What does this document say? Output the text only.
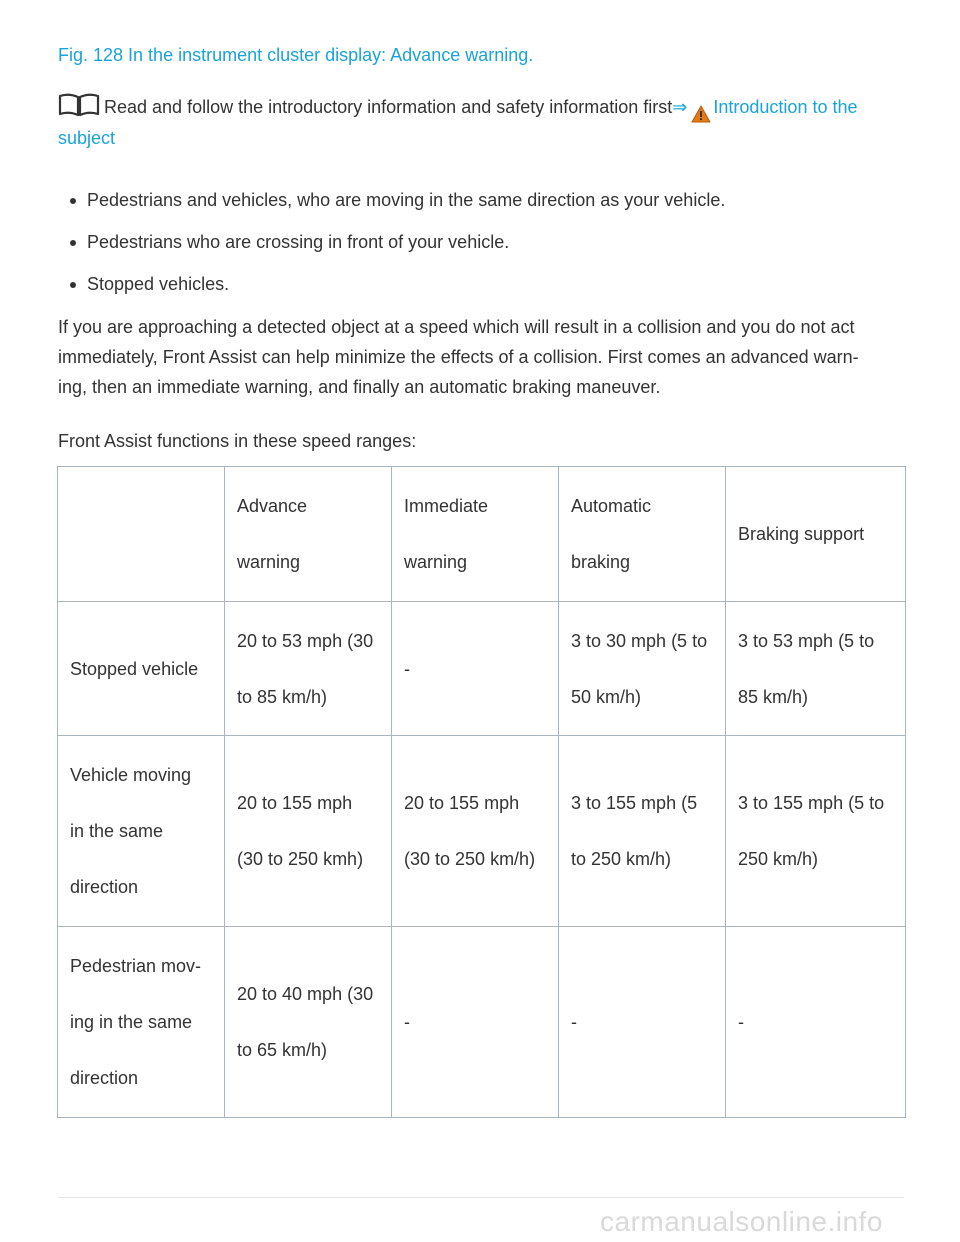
Fig. 128 In the instrument cluster display: Advance warning.
Read and follow the introductory information and safety information first⇒ Introduction to the
subject
Pedestrians and vehicles, who are moving in the same direction as your vehicle.
Pedestrians who are crossing in front of your vehicle.
Stopped vehicles.
If you are approaching a detected object at a speed which will result in a collision and you do not act
immediately, Front Assist can help minimize the effects of a collision. First comes an advanced warn-
ing, then an immediate warning, and finally an automatic braking maneuver.
Front Assist functions in these speed ranges:

	Advance
warning	Immediate
warning	Automatic
braking	Braking support

Stopped vehicle	20 to 53 mph (30
to 85 km/h)	-	3 to 30 mph (5 to
50 km/h)	3 to 53 mph (5 to
85 km/h)

Vehicle moving
in the same
direction	20 to 155 mph
(30 to 250 kmh)	20 to 155 mph
(30 to 250 km/h)	3 to 155 mph (5
to 250 km/h)	3 to 155 mph (5 to
250 km/h)

Pedestrian mov-
ing in the same
direction	20 to 40 mph (30
to 65 km/h)	-	-	-
carmanualsonline.info
